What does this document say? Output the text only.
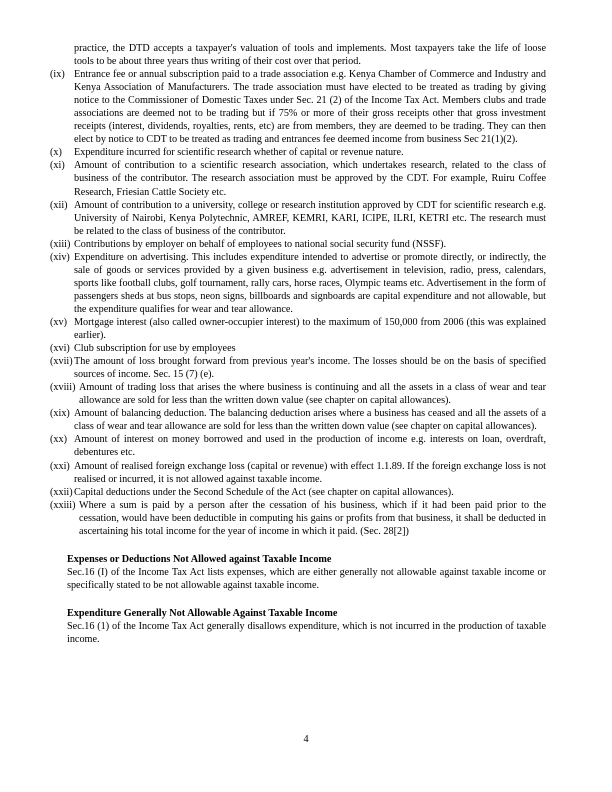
practice, the DTD accepts a taxpayer's valuation of tools and implements. Most taxpayers take the life of loose tools to be about three years thus writing of their cost over that period.

(ix) Entrance fee or annual subscription paid to a trade association e.g. Kenya Chamber of Commerce and Industry and Kenya Association of Manufacturers. The trade association must have elected to be treated as trading by giving notice to the Commissioner of Domestic Taxes under Sec. 21 (2) of the Income Tax Act. Members clubs and trade associations are deemed not to be trading but if 75% or more of their gross receipts other that gross investment receipts (interest, dividends, royalties, rents, etc) are from members, they are deemed to be trading. They can then elect by notice to CDT to be treated as trading and entrances fee deemed income from business Sec 21(1)(2).
(x)	Expenditure incurred for scientific research whether of capital or revenue nature.
(xi) Amount of contribution to a scientific research association, which undertakes research, related to the class of business of the contributor. The research association must be approved by the CDT. For example, Ruiru Coffee Research, Friesian Cattle Society etc.
(xii) Amount of contribution to a university, college or research institution approved by CDT for scientific research e.g. University of Nairobi, Kenya Polytechnic, AMREF, KEMRI, KARI, ICIPE, ILRI, KETRI etc. The research must be related to the class of business of the contributor.
(xiii) Contributions by employer on behalf of employees to national social security fund (NSSF).
(xiv) Expenditure on advertising. This includes expenditure intended to advertise or promote directly, or indirectly, the sale of goods or services provided by a given business e.g. advertisement in television, radio, press, calendars, sports like football clubs, golf tournament, rally cars, horse races, Olympic teams etc. Advertisement in the form of passengers sheds at bus stops, neon signs, billboards and signboards are capital expenditure and not allowable, but the expenditure qualifies for wear and tear allowance.
(xv) Mortgage interest (also called owner-occupier interest) to the maximum of 150,000 from 2006 (this was explained earlier).
(xvi) Club subscription for use by employees
(xvii) The amount of loss brought forward from previous year's income. The losses should be on the basis of specified sources of income. Sec. 15 (7) (e).
(xviii) Amount of trading loss that arises the where business is continuing and all the assets in a class of wear and tear allowance are sold for less than the written down value (see chapter on capital allowances).
(xix) Amount of balancing deduction. The balancing deduction arises where a business has ceased and all the assets of a class of wear and tear allowance are sold for less than the written down value (see chapter on capital allowances).
(xx) Amount of interest on money borrowed and used in the production of income e.g. interests on loan, overdraft, debentures etc.
(xxi) Amount of realised foreign exchange loss (capital or revenue) with effect 1.1.89. If the foreign exchange loss is not realised or incurred, it is not allowed against taxable income.
(xxii) Capital deductions under the Second Schedule of the Act (see chapter on capital allowances).
(xxiii) Where a sum is paid by a person after the cessation of his business, which if it had been paid prior to the cessation, would have been deductible in computing his gains or profits from that business, it shall be deducted in ascertaining his total income for the year of income in which it paid. (Sec. 28[2])
Expenses or Deductions Not Allowed against Taxable Income
Sec.16 (I) of the Income Tax Act lists expenses, which are either generally not allowable against taxable income or specifically stated to be not allowable against taxable income.
Expenditure Generally Not Allowable Against Taxable Income
Sec.16 (1) of the Income Tax Act generally disallows expenditure, which is not incurred in the production of taxable income.
4
